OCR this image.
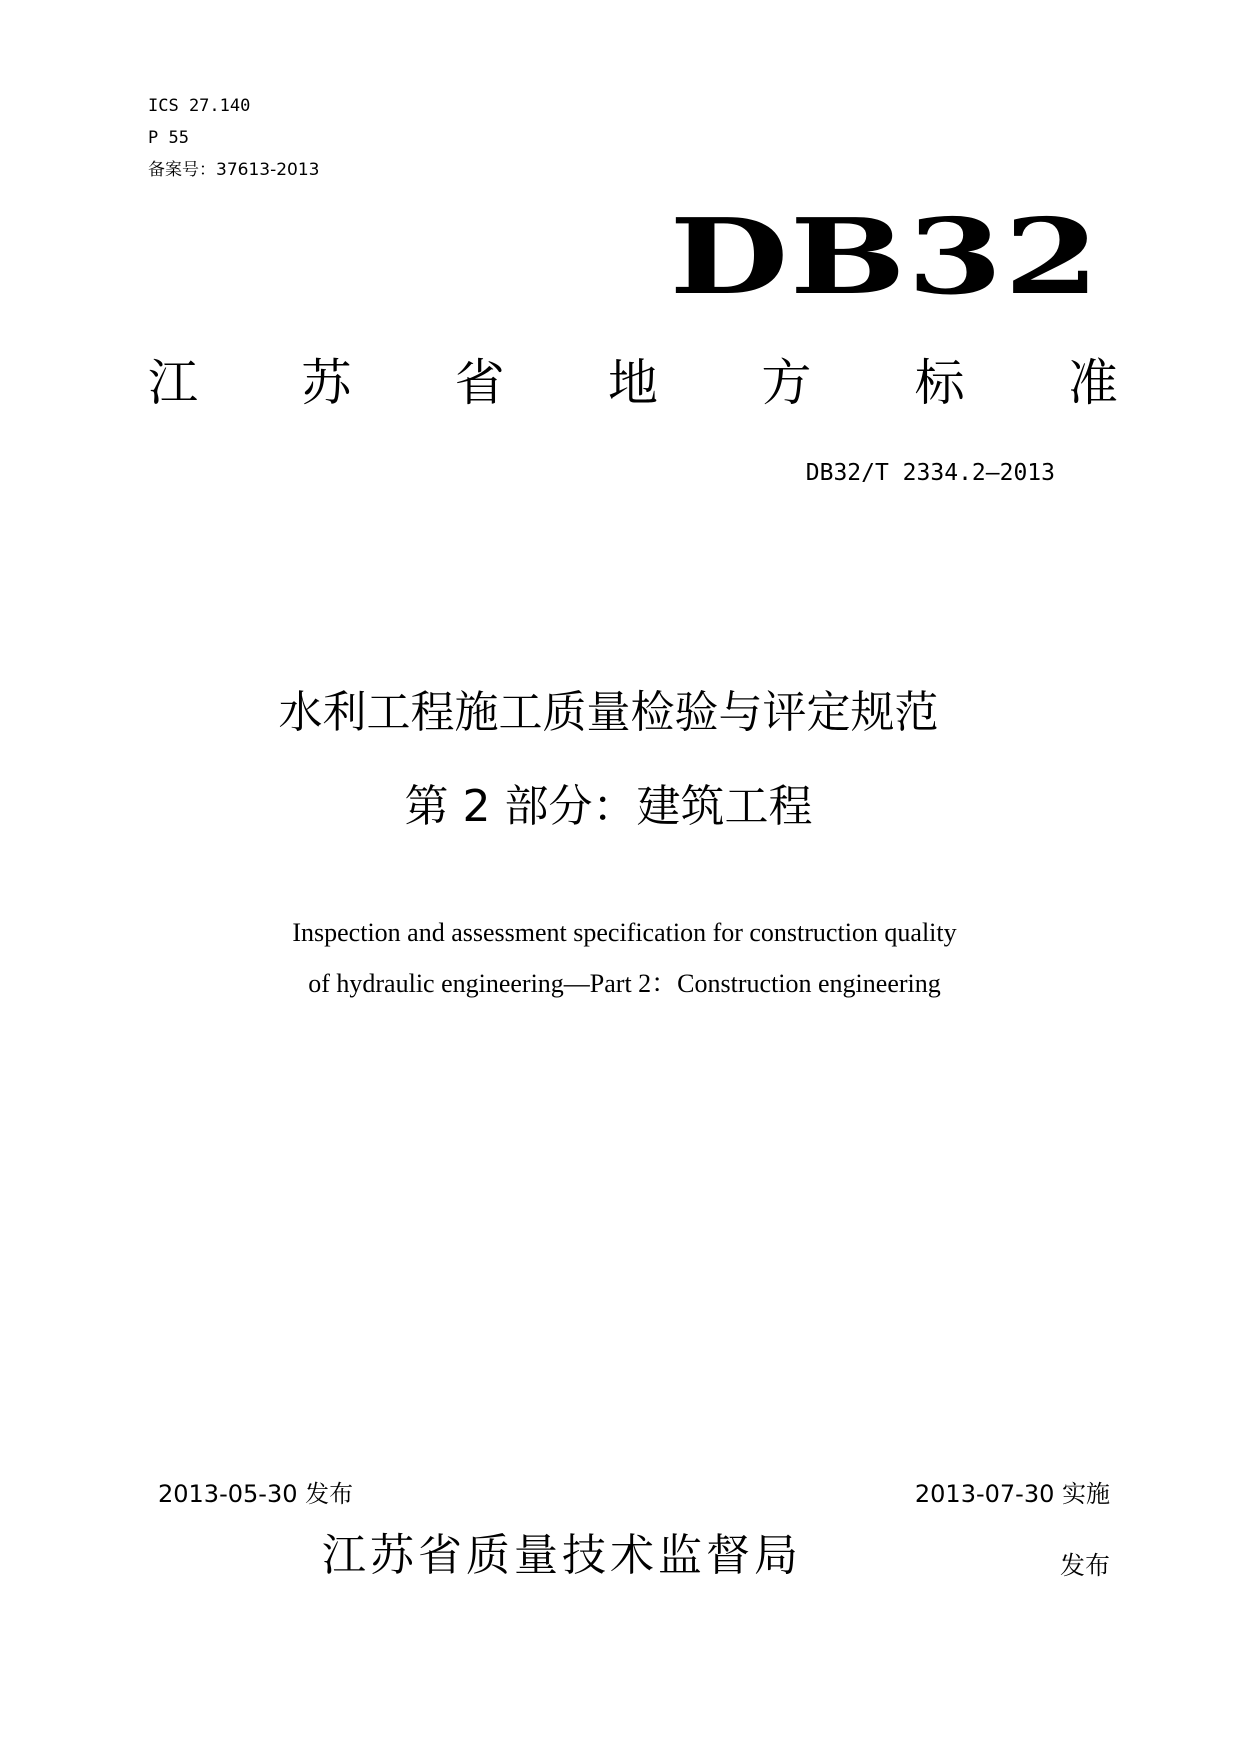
ICS 27.140
P 55
备案号：37613-2013
DB32
江 苏 省 地 方 标 准
DB32/T 2334.2—2013
水利工程施工质量检验与评定规范
第 2 部分：建筑工程
Inspection and assessment specification for construction quality
of hydraulic engineering—Part 2：Construction engineering
2013-05-30 发布	2013-07-30 实施
江苏省质量技术监督局	发布
